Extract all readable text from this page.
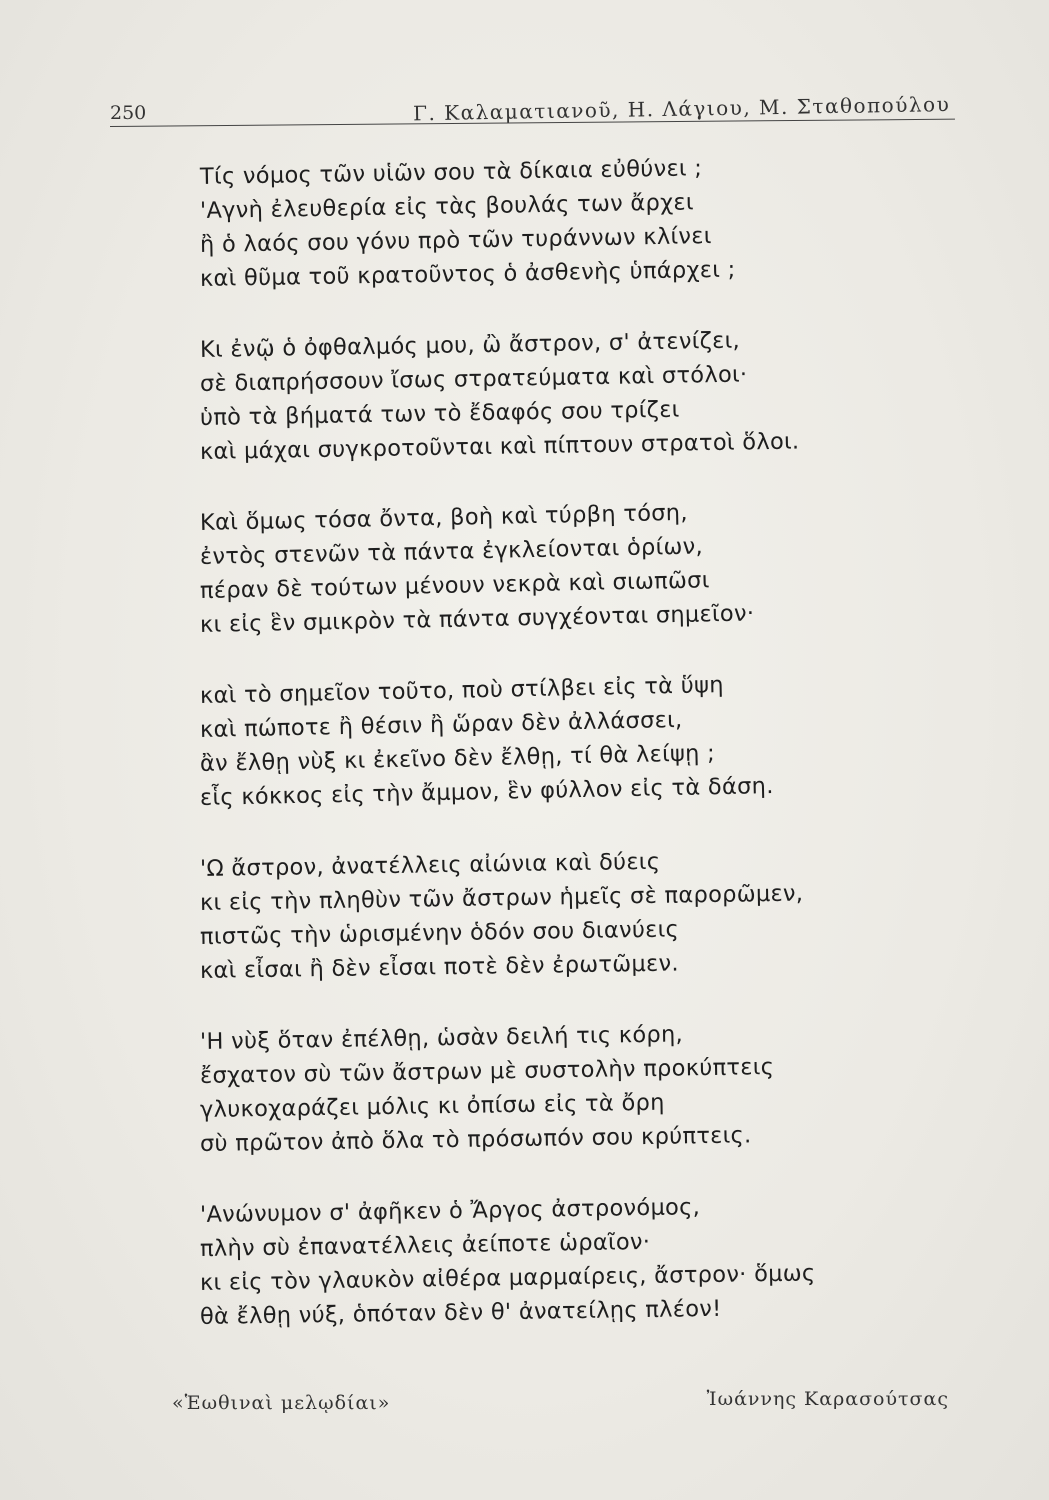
250	Γ. Καλαματιανοῦ, Η. Λάγιου, Μ. Σταθοπούλου
Τίς νόμος τῶν υἱῶν σου τὰ δίκαια εὐθύνει ;
'Αγνὴ ἐλευθερία εἰς τὰς βουλάς των ἄρχει
ἢ ὁ λαός σου γόνυ πρὸ τῶν τυράννων κλίνει
καὶ θῦμα τοῦ κρατοῦντος ὁ ἀσθενὴς ὑπάρχει ;
Κι ἐνῷ ὁ ὀφθαλμός μου, ὢ ἄστρον, σ' ἀτενίζει,
σὲ διαπρήσσουν ἴσως στρατεύματα καὶ στόλοι·
ὑπὸ τὰ βήματά των τὸ ἔδαφός σου τρίζει
καὶ μάχαι συγκροτοῦνται καὶ πίπτουν στρατοὶ ὅλοι.
Καὶ ὅμως τόσα ὄντα, βοὴ καὶ τύρβη τόση,
ἐντὸς στενῶν τὰ πάντα ἐγκλείονται ὁρίων,
πέραν δὲ τούτων μένουν νεκρὰ καὶ σιωπῶσι
κι εἰς ἓν σμικρὸν τὰ πάντα συγχέονται σημεῖον·
καὶ τὸ σημεῖον τοῦτο, ποὺ στίλβει εἰς τὰ ὕψη
καὶ πώποτε ἢ θέσιν ἢ ὥραν δὲν ἀλλάσσει,
ἂν ἔλθῃ νὺξ κι ἐκεῖνο δὲν ἔλθῃ, τί θὰ λείψῃ ;
εἷς κόκκος εἰς τὴν ἄμμον, ἓν φύλλον εἰς τὰ δάση.
'Ω ἄστρον, ἀνατέλλεις αἰώνια καὶ δύεις
κι εἰς τὴν πληθὺν τῶν ἄστρων ἡμεῖς σὲ παρορῶμεν,
πιστῶς τὴν ὡρισμένην ὁδόν σου διανύεις
καὶ εἶσαι ἢ δὲν εἶσαι ποτὲ δὲν ἐρωτῶμεν.
'Η νὺξ ὅταν ἐπέλθῃ, ὡσὰν δειλή τις κόρη,
ἔσχατον σὺ τῶν ἄστρων μὲ συστολὴν προκύπτεις
γλυκοχαράζει μόλις κι ὀπίσω εἰς τὰ ὄρη
σὺ πρῶτον ἀπὸ ὅλα τὸ πρόσωπόν σου κρύπτεις.
'Ανώνυμον σ' ἀφῆκεν ὁ Ἄργος ἀστρονόμος,
πλὴν σὺ ἐπανατέλλεις ἀείποτε ὡραῖον·
κι εἰς τὸν γλαυκὸν αἰθέρα μαρμαίρεις, ἄστρον· ὅμως
θὰ ἔλθῃ νύξ, ὁπόταν δὲν θ' ἀνατείλῃς πλέον!
«Ἑωθιναὶ μελῳδίαι»	Ἰωάννης Καρασούτσας
